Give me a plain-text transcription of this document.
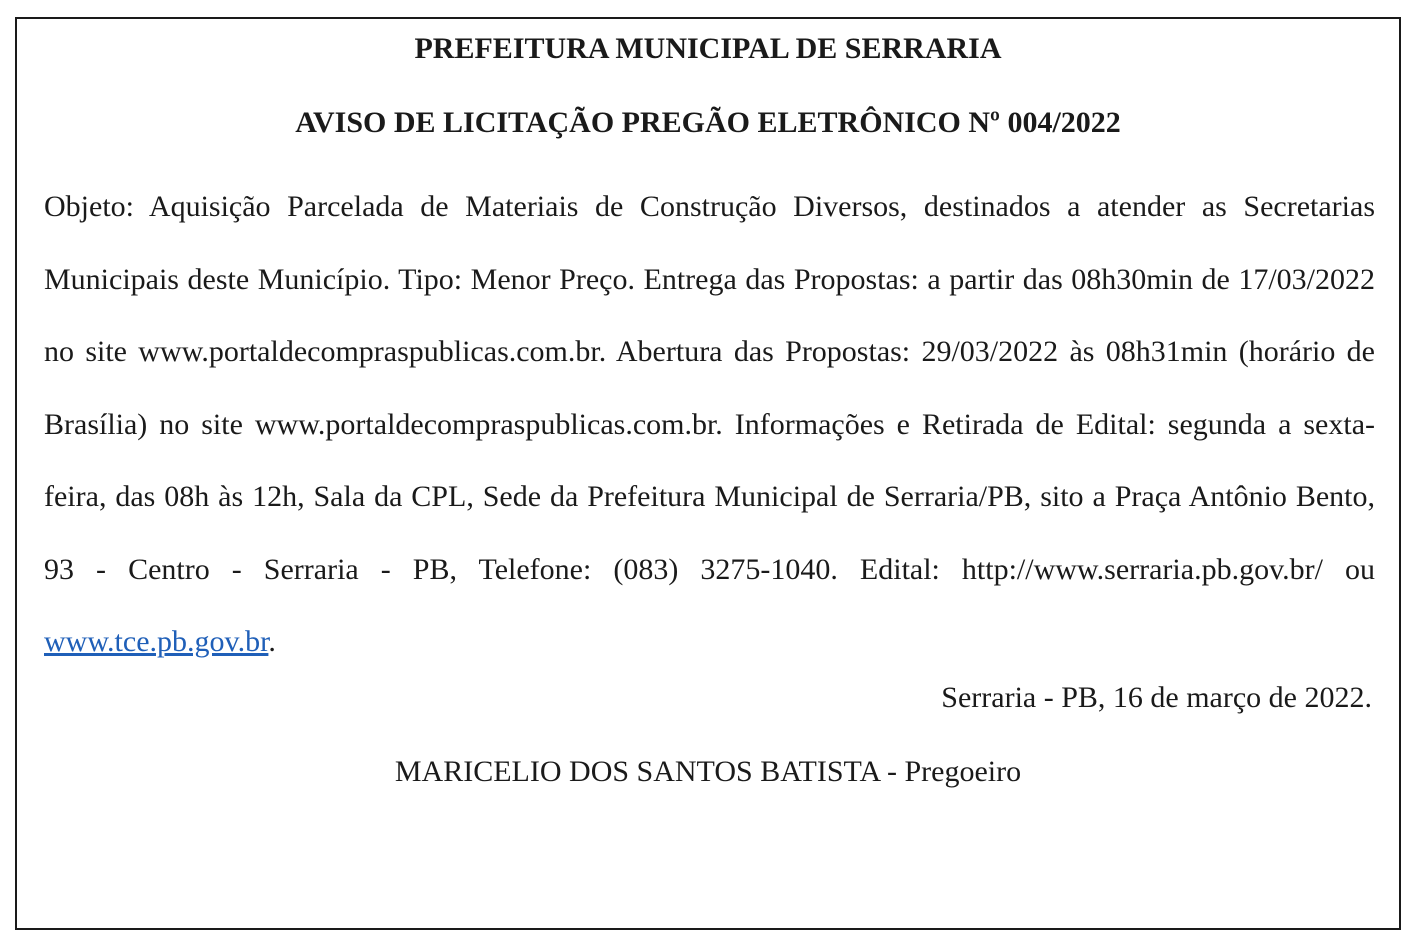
PREFEITURA MUNICIPAL DE SERRARIA
AVISO DE LICITAÇÃO PREGÃO ELETRÔNICO Nº 004/2022

Objeto: Aquisição Parcelada de Materiais de Construção Diversos, destinados a atender as Secretarias Municipais deste Município. Tipo: Menor Preço. Entrega das Propostas: a partir das 08h30min de 17/03/2022 no site www.portaldecompraspublicas.com.br. Abertura das Propostas: 29/03/2022 às 08h31min (horário de Brasília) no site www.portaldecompraspublicas.com.br. Informações e Retirada de Edital: segunda a sexta-feira, das 08h às 12h, Sala da CPL, Sede da Prefeitura Municipal de Serraria/PB, sito a Praça Antônio Bento, 93 - Centro - Serraria - PB, Telefone: (083) 3275-1040. Edital: http://www.serraria.pb.gov.br/ ou www.tce.pb.gov.br.

Serraria - PB, 16 de março de 2022.

MARICELIO DOS SANTOS BATISTA - Pregoeiro
